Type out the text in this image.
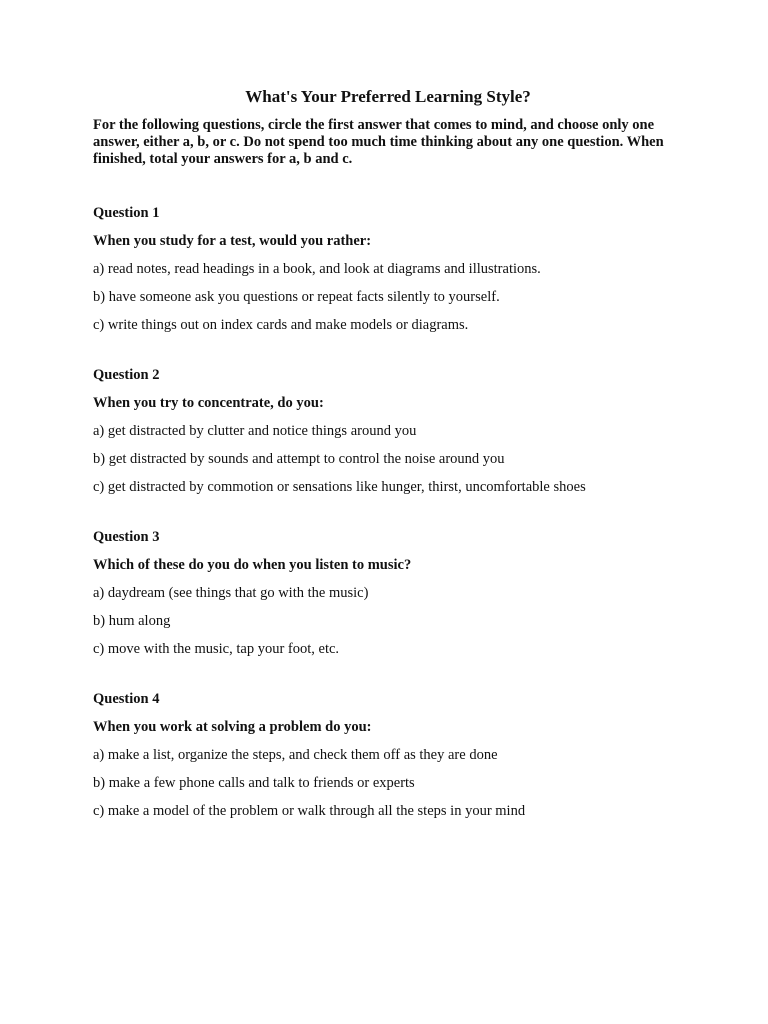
What's Your Preferred Learning Style?
For the following questions, circle the first answer that comes to mind, and choose only one answer, either a, b, or c. Do not spend too much time thinking about any one question. When finished, total your answers for a, b and c.
Question 1
When you study for a test, would you rather:
a) read notes, read headings in a book, and look at diagrams and illustrations.
b) have someone ask you questions or repeat facts silently to yourself.
c) write things out on index cards and make models or diagrams.
Question 2
When you try to concentrate, do you:
a) get distracted by clutter and notice things around you
b) get distracted by sounds and attempt to control the noise around you
c) get distracted by commotion or sensations like hunger, thirst, uncomfortable shoes
Question 3
Which of these do you do when you listen to music?
a) daydream (see things that go with the music)
b) hum along
c) move with the music, tap your foot, etc.
Question 4
When you work at solving a problem do you:
a) make a list, organize the steps, and check them off as they are done
b) make a few phone calls and talk to friends or experts
c) make a model of the problem or walk through all the steps in your mind
